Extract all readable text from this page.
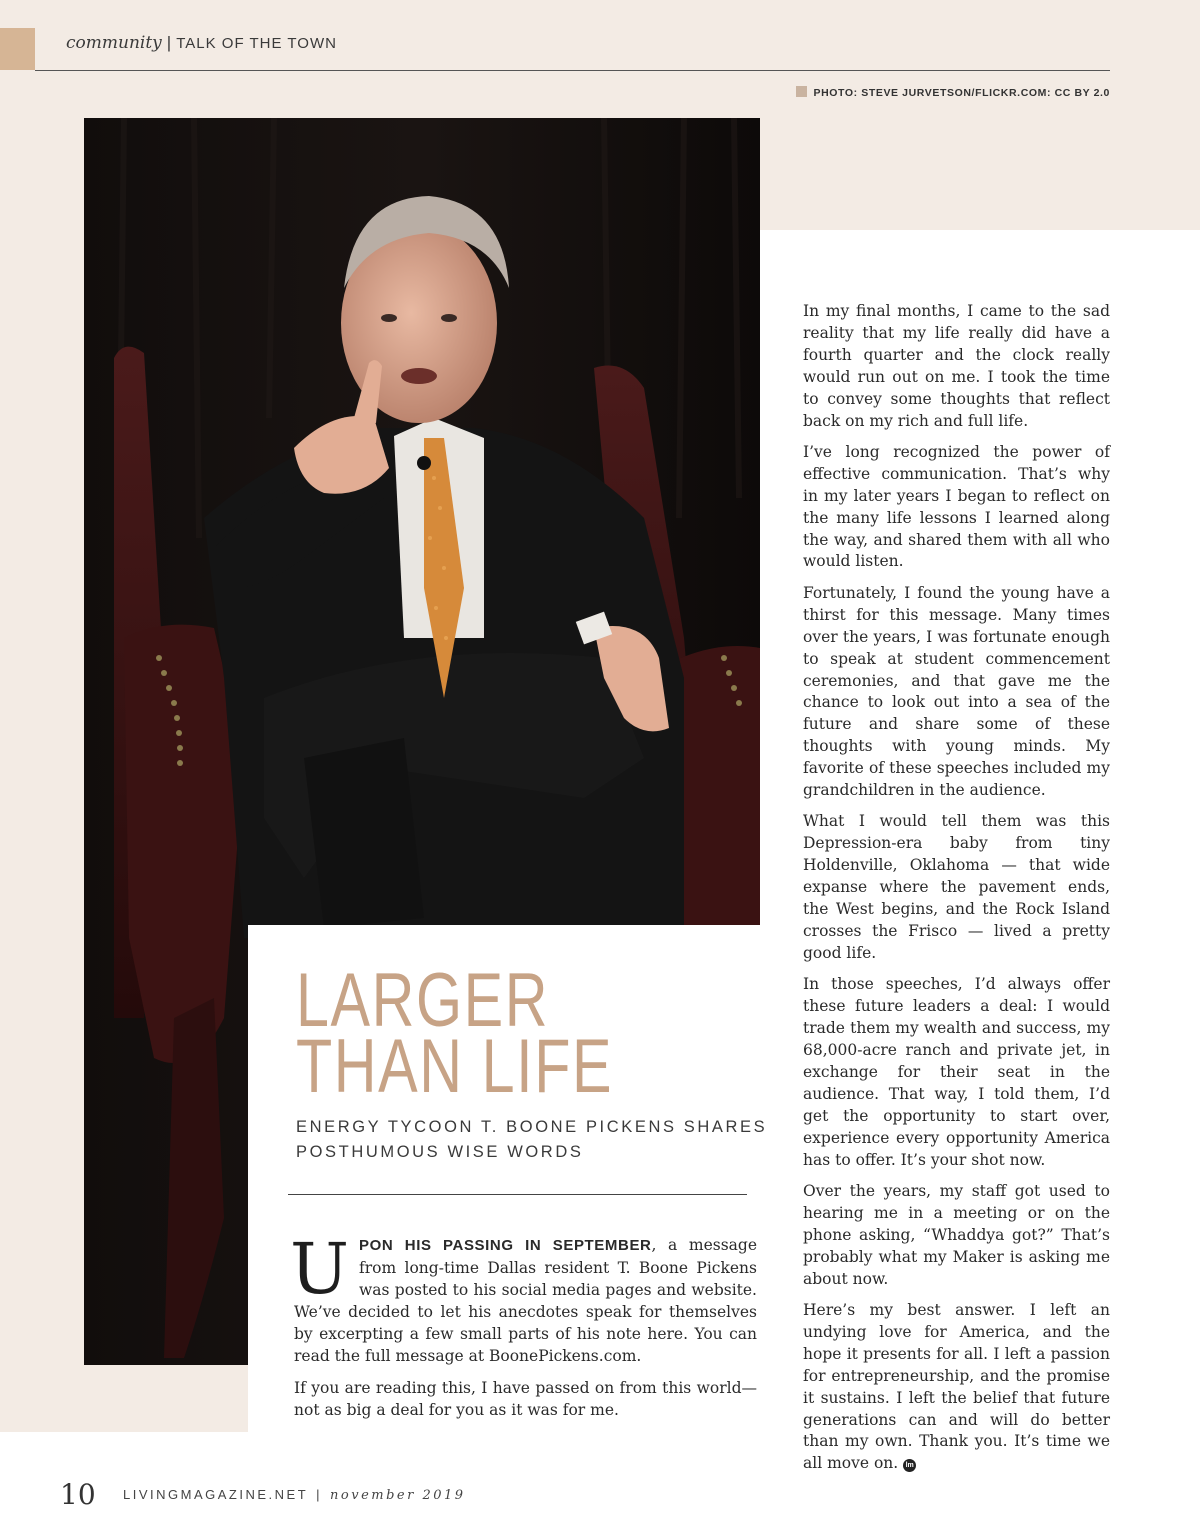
community | TALK OF THE TOWN
PHOTO: STEVE JURVETSON/FLICKR.COM: CC BY 2.0
LARGER
THAN LIFE
ENERGY TYCOON T. BOONE PICKENS SHARES
POSTHUMOUS WISE WORDS

UPON HIS PASSING IN SEPTEMBER, a message from long-time Dallas resident T. Boone Pickens was posted to his social media pages and website. We’ve decided to let his anecdotes speak for themselves by excerpting a few small parts of his note here. You can read the full message at BoonePickens.com.

If you are reading this, I have passed on from this world—not as big a deal for you as it was for me.

In my final months, I came to the sad reality that my life really did have a fourth quarter and the clock really would run out on me. I took the time to convey some thoughts that reflect back on my rich and full life.

I’ve long recognized the power of effective communication. That’s why in my later years I began to reflect on the many life lessons I learned along the way, and shared them with all who would listen.

Fortunately, I found the young have a thirst for this message. Many times over the years, I was fortunate enough to speak at student commencement ceremonies, and that gave me the chance to look out into a sea of the future and share some of these thoughts with young minds. My favorite of these speeches included my grandchildren in the audience.

What I would tell them was this Depression-era baby from tiny Holdenville, Oklahoma — that wide expanse where the pavement ends, the West begins, and the Rock Island crosses the Frisco — lived a pretty good life.

In those speeches, I’d always offer these future leaders a deal: I would trade them my wealth and success, my 68,000-acre ranch and private jet, in exchange for their seat in the audience. That way, I told them, I’d get the opportunity to start over, experience every opportunity America has to offer. It’s your shot now.

Over the years, my staff got used to hearing me in a meeting or on the phone asking, “Whaddya got?” That’s probably what my Maker is asking me about now.

Here’s my best answer. I left an undying love for America, and the hope it presents for all. I left a passion for entrepreneurship, and the promise it sustains. I left the belief that future generations can and will do better than my own. Thank you. It’s time we all move on. lm

10 LIVINGMAGAZINE.NET | november 2019
